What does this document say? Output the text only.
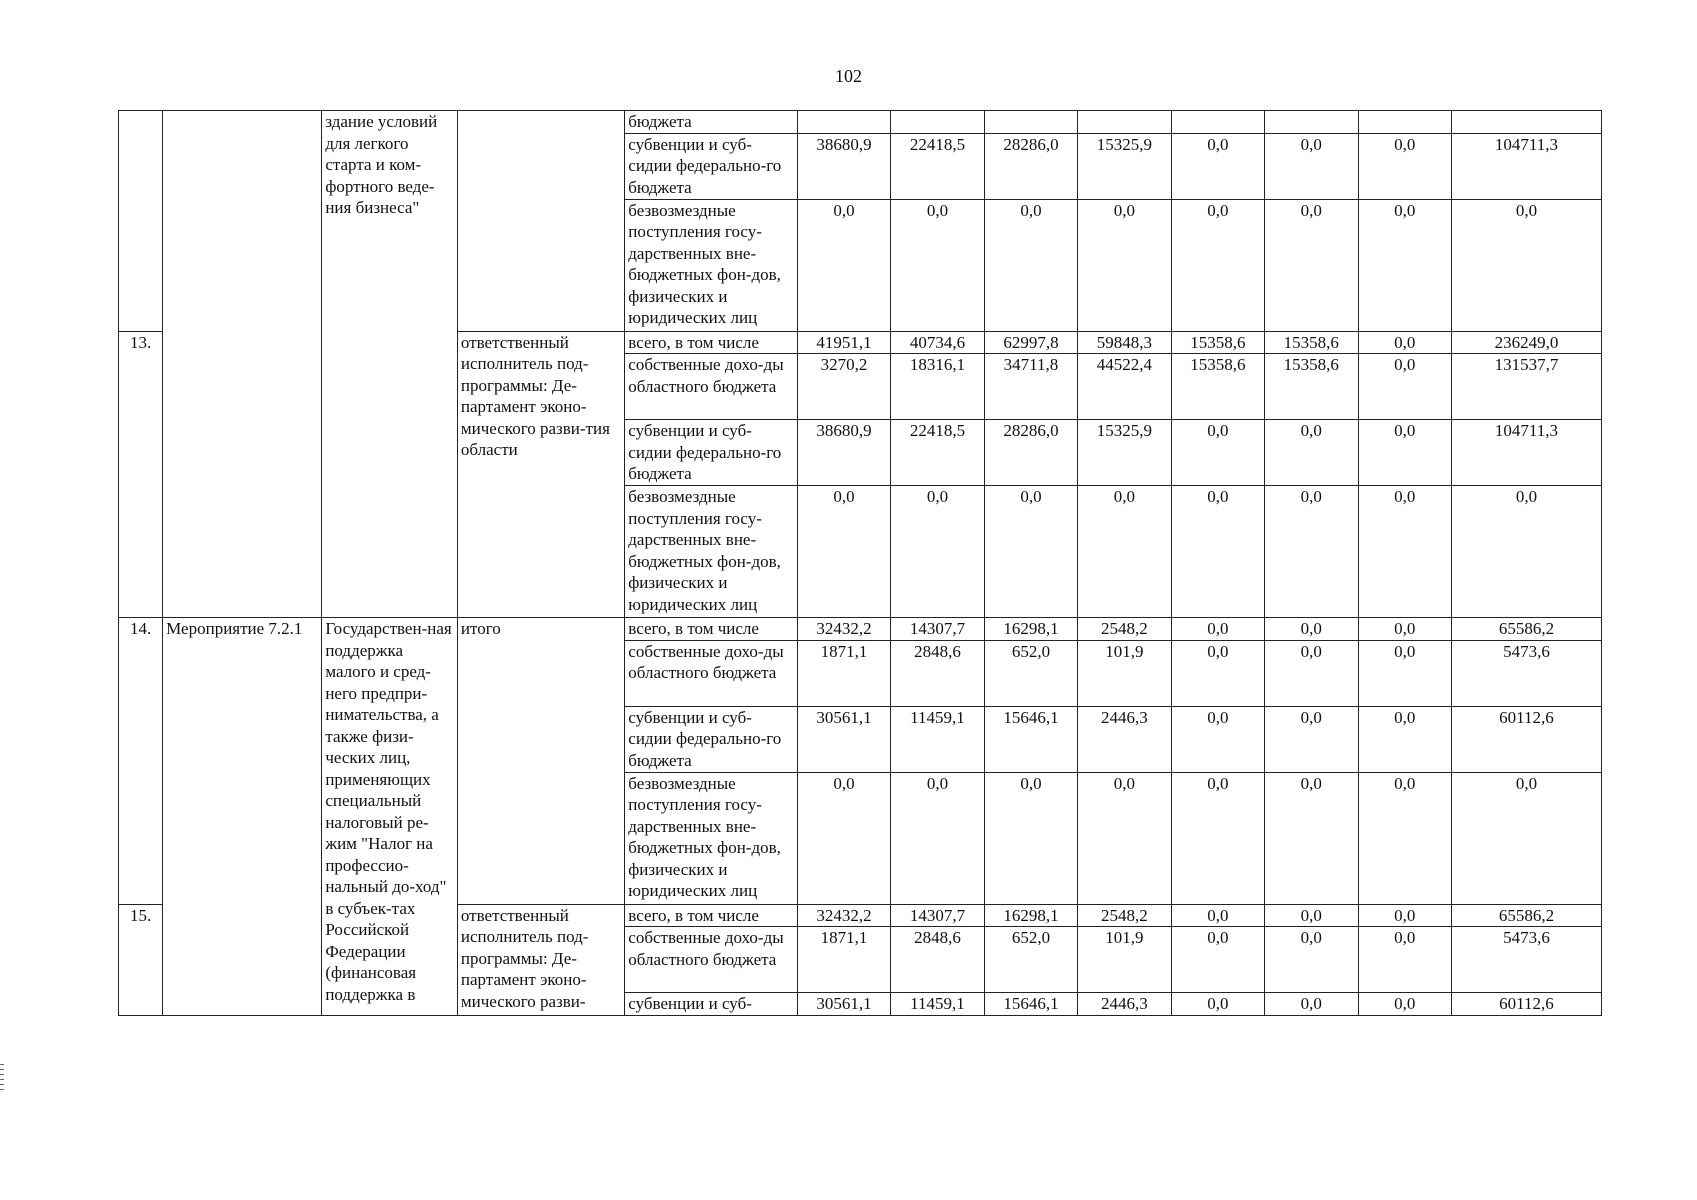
102
		здание условий для легкого старта и ком-фортного веде-ния бизнеса"		бюджета								
				субвенции и суб-сидии федерально-го бюджета	38680,9	22418,5	28286,0	15325,9	0,0	0,0	0,0	104711,3
				безвозмездные поступления госу-дарственных вне-бюджетных фон-дов, физических и юридических лиц	0,0	0,0	0,0	0,0	0,0	0,0	0,0	0,0
13.			ответственный исполнитель под-программы: Де-партамент эконо-мического разви-тия области	всего, в том числе	41951,1	40734,6	62997,8	59848,3	15358,6	15358,6	0,0	236249,0
				собственные дохо-ды областного бюджета	3270,2	18316,1	34711,8	44522,4	15358,6	15358,6	0,0	131537,7
				субвенции и суб-сидии федерально-го бюджета	38680,9	22418,5	28286,0	15325,9	0,0	0,0	0,0	104711,3
				безвозмездные поступления госу-дарственных вне-бюджетных фон-дов, физических и юридических лиц	0,0	0,0	0,0	0,0	0,0	0,0	0,0	0,0
14.	Мероприятие 7.2.1	Государствен-ная поддержка малого и сред-него предпри-нимательства, а также физи-ческих лиц, применяющих специальный налоговый ре-жим "Налог на профессио-нальный до-ход" в субъек-тах Российской Федерации (финансовая поддержка в	итого	всего, в том числе	32432,2	14307,7	16298,1	2548,2	0,0	0,0	0,0	65586,2
				собственные дохо-ды областного бюджета	1871,1	2848,6	652,0	101,9	0,0	0,0	0,0	5473,6
				субвенции и суб-сидии федерально-го бюджета	30561,1	11459,1	15646,1	2446,3	0,0	0,0	0,0	60112,6
				безвозмездные поступления госу-дарственных вне-бюджетных фон-дов, физических и юридических лиц	0,0	0,0	0,0	0,0	0,0	0,0	0,0	0,0
15.			ответственный исполнитель под-программы: Де-партамент эконо-мического разви-	всего, в том числе	32432,2	14307,7	16298,1	2548,2	0,0	0,0	0,0	65586,2
				собственные дохо-ды областного бюджета	1871,1	2848,6	652,0	101,9	0,0	0,0	0,0	5473,6
				субвенции и суб-	30561,1	11459,1	15646,1	2446,3	0,0	0,0	0,0	60112,6
